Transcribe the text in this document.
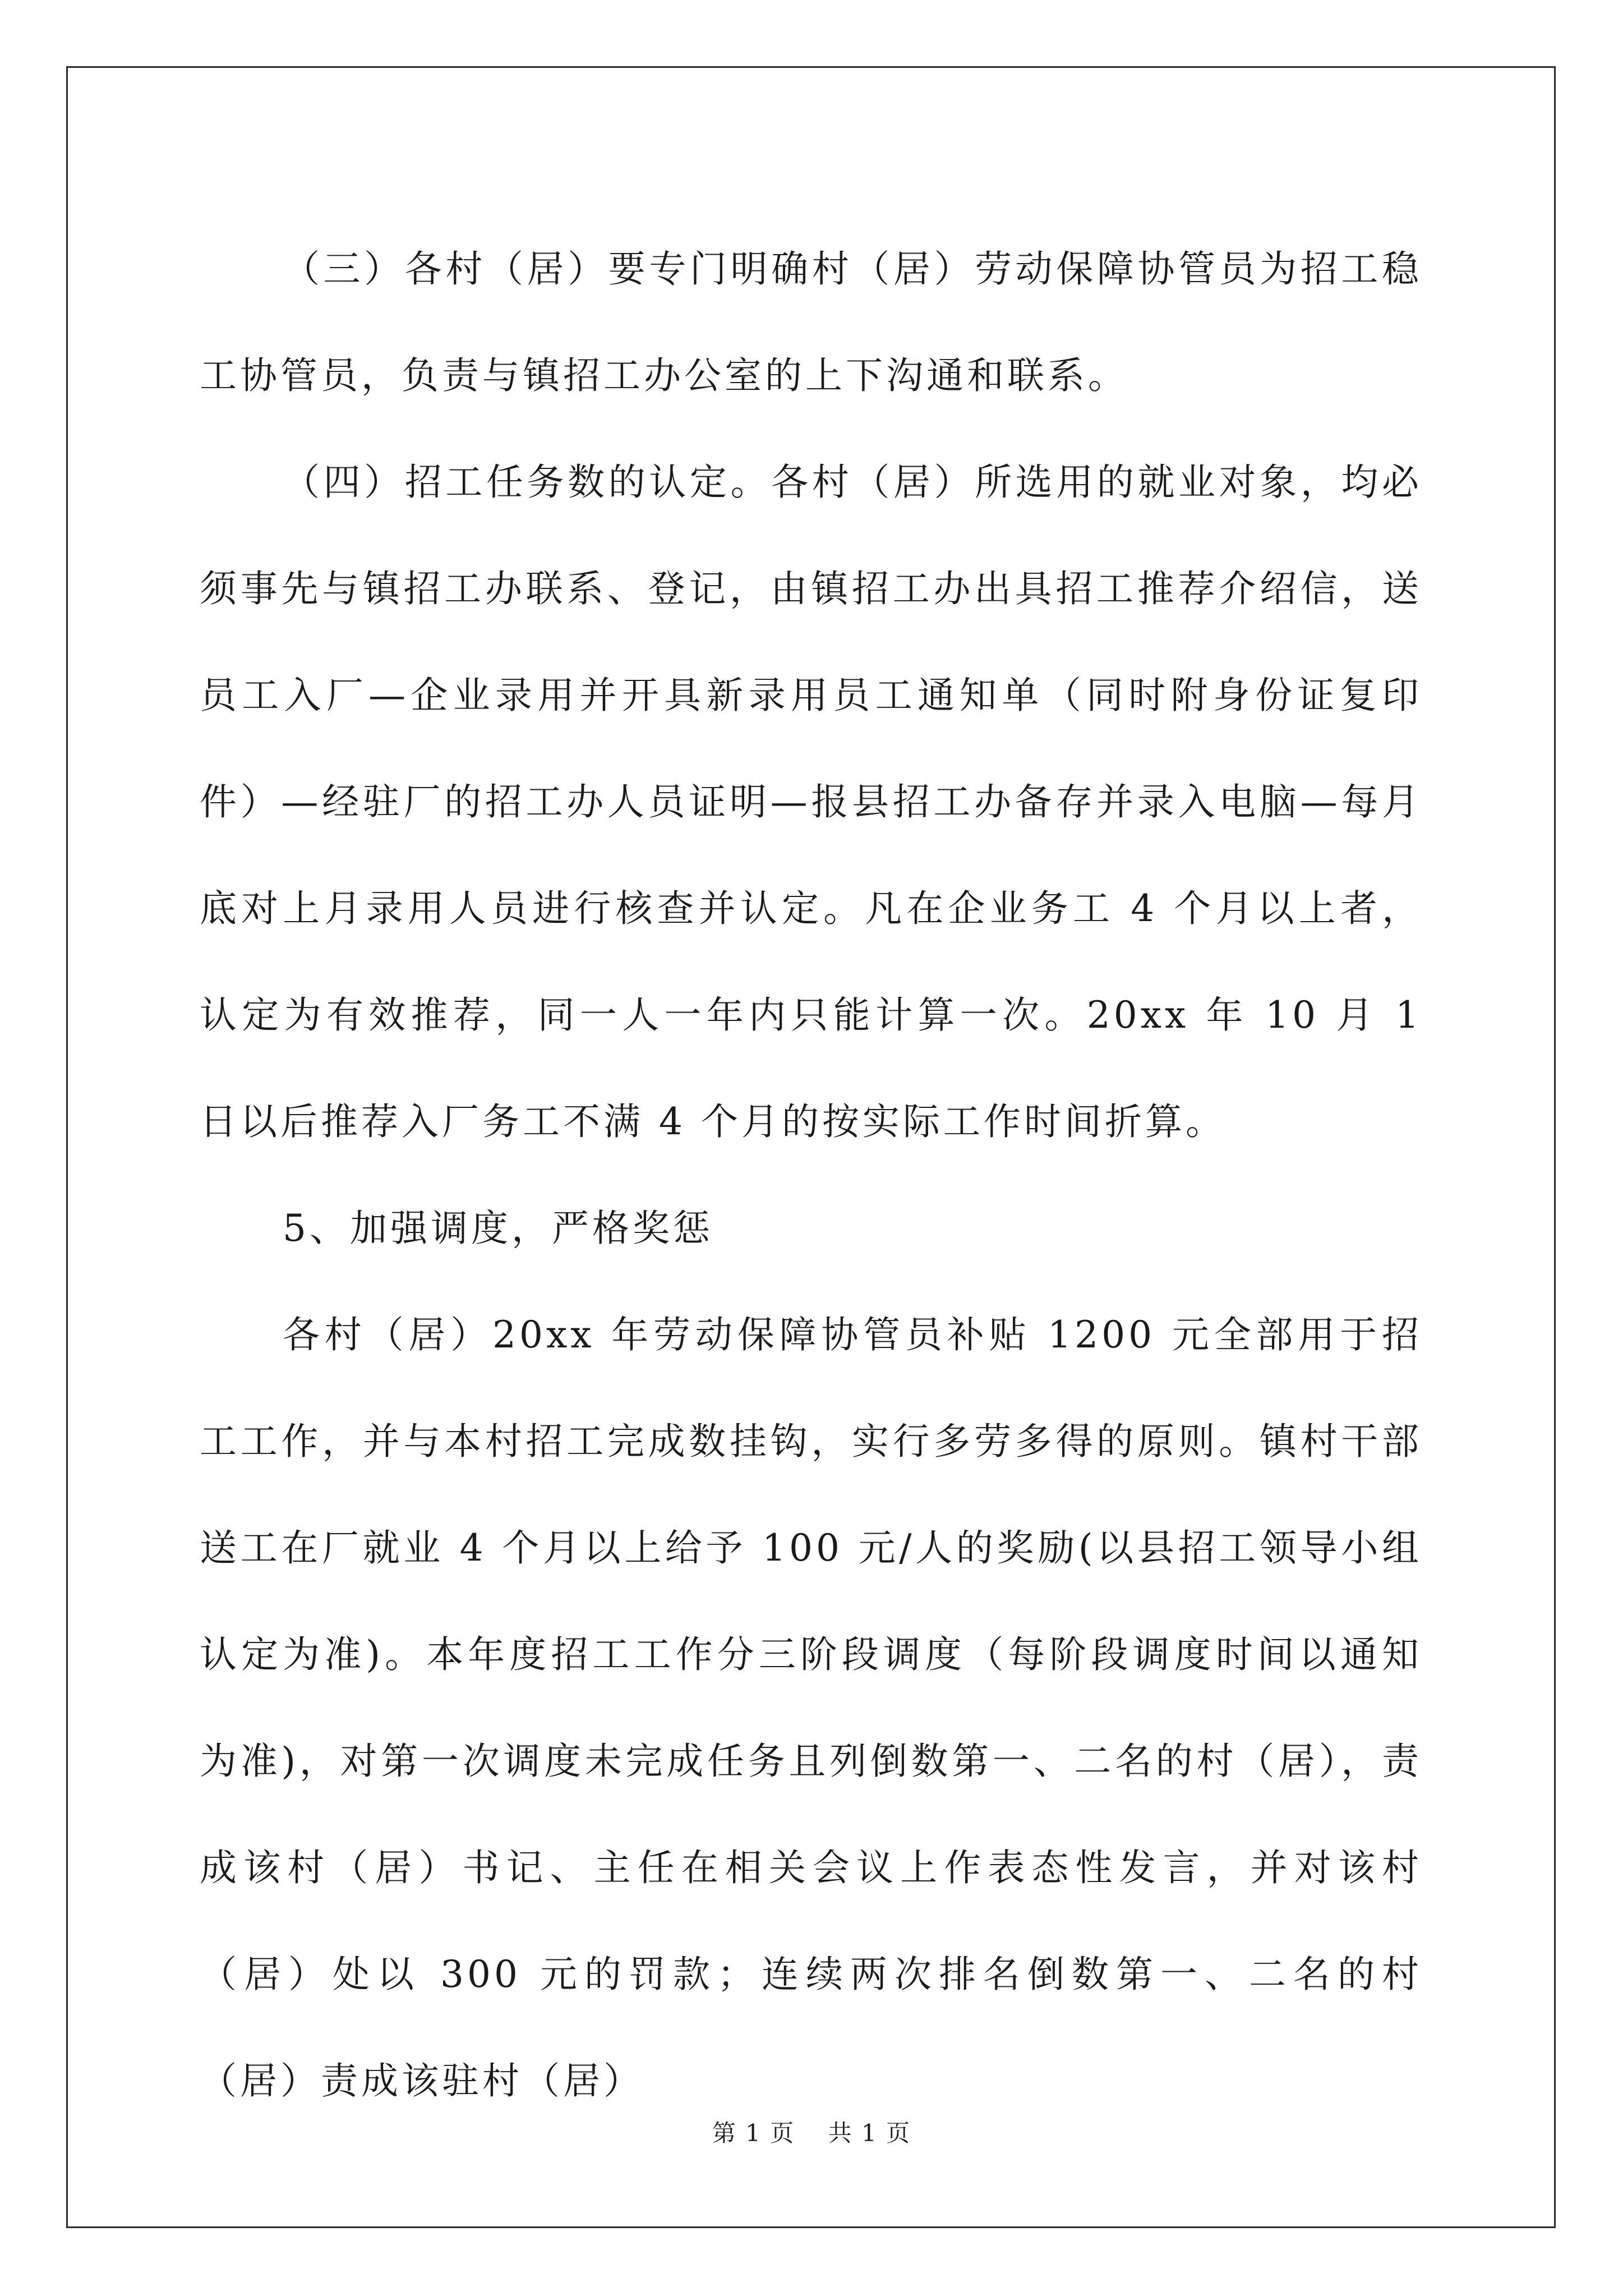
（三）各村（居）要专门明确村（居）劳动保障协管员为招工稳工协管员，负责与镇招工办公室的上下沟通和联系。

（四）招工任务数的认定。各村（居）所选用的就业对象，均必须事先与镇招工办联系、登记，由镇招工办出具招工推荐介绍信，送员工入厂—企业录用并开具新录用员工通知单（同时附身份证复印件）—经驻厂的招工办人员证明—报县招工办备存并录入电脑—每月底对上月录用人员进行核查并认定。凡在企业务工 4 个月以上者，认定为有效推荐，同一人一年内只能计算一次。20xx 年 10 月 1 日以后推荐入厂务工不满 4 个月的按实际工作时间折算。

5、加强调度，严格奖惩

各村（居）20xx 年劳动保障协管员补贴 1200 元全部用于招工工作，并与本村招工完成数挂钩，实行多劳多得的原则。镇村干部送工在厂就业 4 个月以上给予 100 元/人的奖励(以县招工领导小组认定为准)。本年度招工工作分三阶段调度（每阶段调度时间以通知为准)，对第一次调度未完成任务且列倒数第一、二名的村（居），责成该村（居）书记、主任在相关会议上作表态性发言，并对该村（居）处以 300 元的罚款；连续两次排名倒数第一、二名的村（居）责成该驻村（居）

第 1 页 共 1 页
